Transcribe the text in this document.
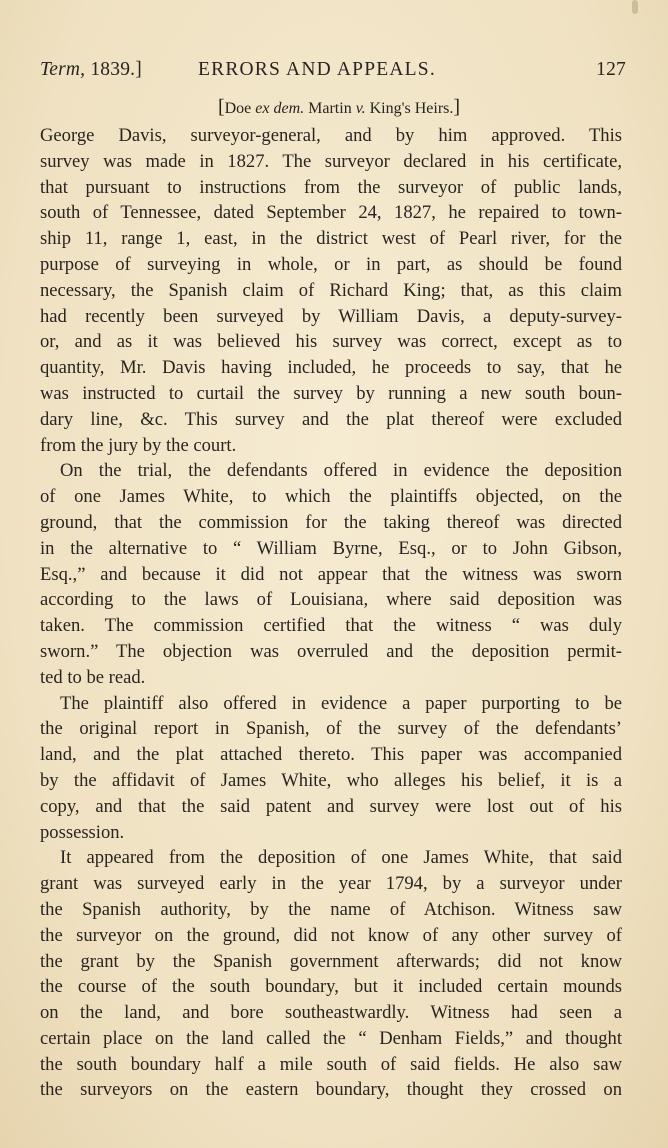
Term, 1839.]	ERRORS AND APPEALS.	127
[Doe ex dem. Martin v. King's Heirs.]
George Davis, surveyor-general, and by him approved. This
survey was made in 1827. The surveyor declared in his certificate,
that pursuant to instructions from the surveyor of public lands,
south of Tennessee, dated September 24, 1827, he repaired to town-
ship 11, range 1, east, in the district west of Pearl river, for the
purpose of surveying in whole, or in part, as should be found
necessary, the Spanish claim of Richard King; that, as this claim
had recently been surveyed by William Davis, a deputy-survey-
or, and as it was believed his survey was correct, except as to
quantity, Mr. Davis having included, he proceeds to say, that he
was instructed to curtail the survey by running a new south boun-
dary line, &c. This survey and the plat thereof were excluded
from the jury by the court.
On the trial, the defendants offered in evidence the deposition
of one James White, to which the plaintiffs objected, on the
ground, that the commission for the taking thereof was directed
in the alternative to “ William Byrne, Esq., or to John Gibson,
Esq.,” and because it did not appear that the witness was sworn
according to the laws of Louisiana, where said deposition was
taken. The commission certified that the witness “ was duly
sworn.” The objection was overruled and the deposition permit-
ted to be read.
The plaintiff also offered in evidence a paper purporting to be
the original report in Spanish, of the survey of the defendants’
land, and the plat attached thereto. This paper was accompanied
by the affidavit of James White, who alleges his belief, it is a
copy, and that the said patent and survey were lost out of his
possession.
It appeared from the deposition of one James White, that said
grant was surveyed early in the year 1794, by a surveyor under
the Spanish authority, by the name of Atchison. Witness saw
the surveyor on the ground, did not know of any other survey of
the grant by the Spanish government afterwards; did not know
the course of the south boundary, but it included certain mounds
on the land, and bore southeastwardly. Witness had seen a
certain place on the land called the “ Denham Fields,” and thought
the south boundary half a mile south of said fields. He also saw
the surveyors on the eastern boundary, thought they crossed on
